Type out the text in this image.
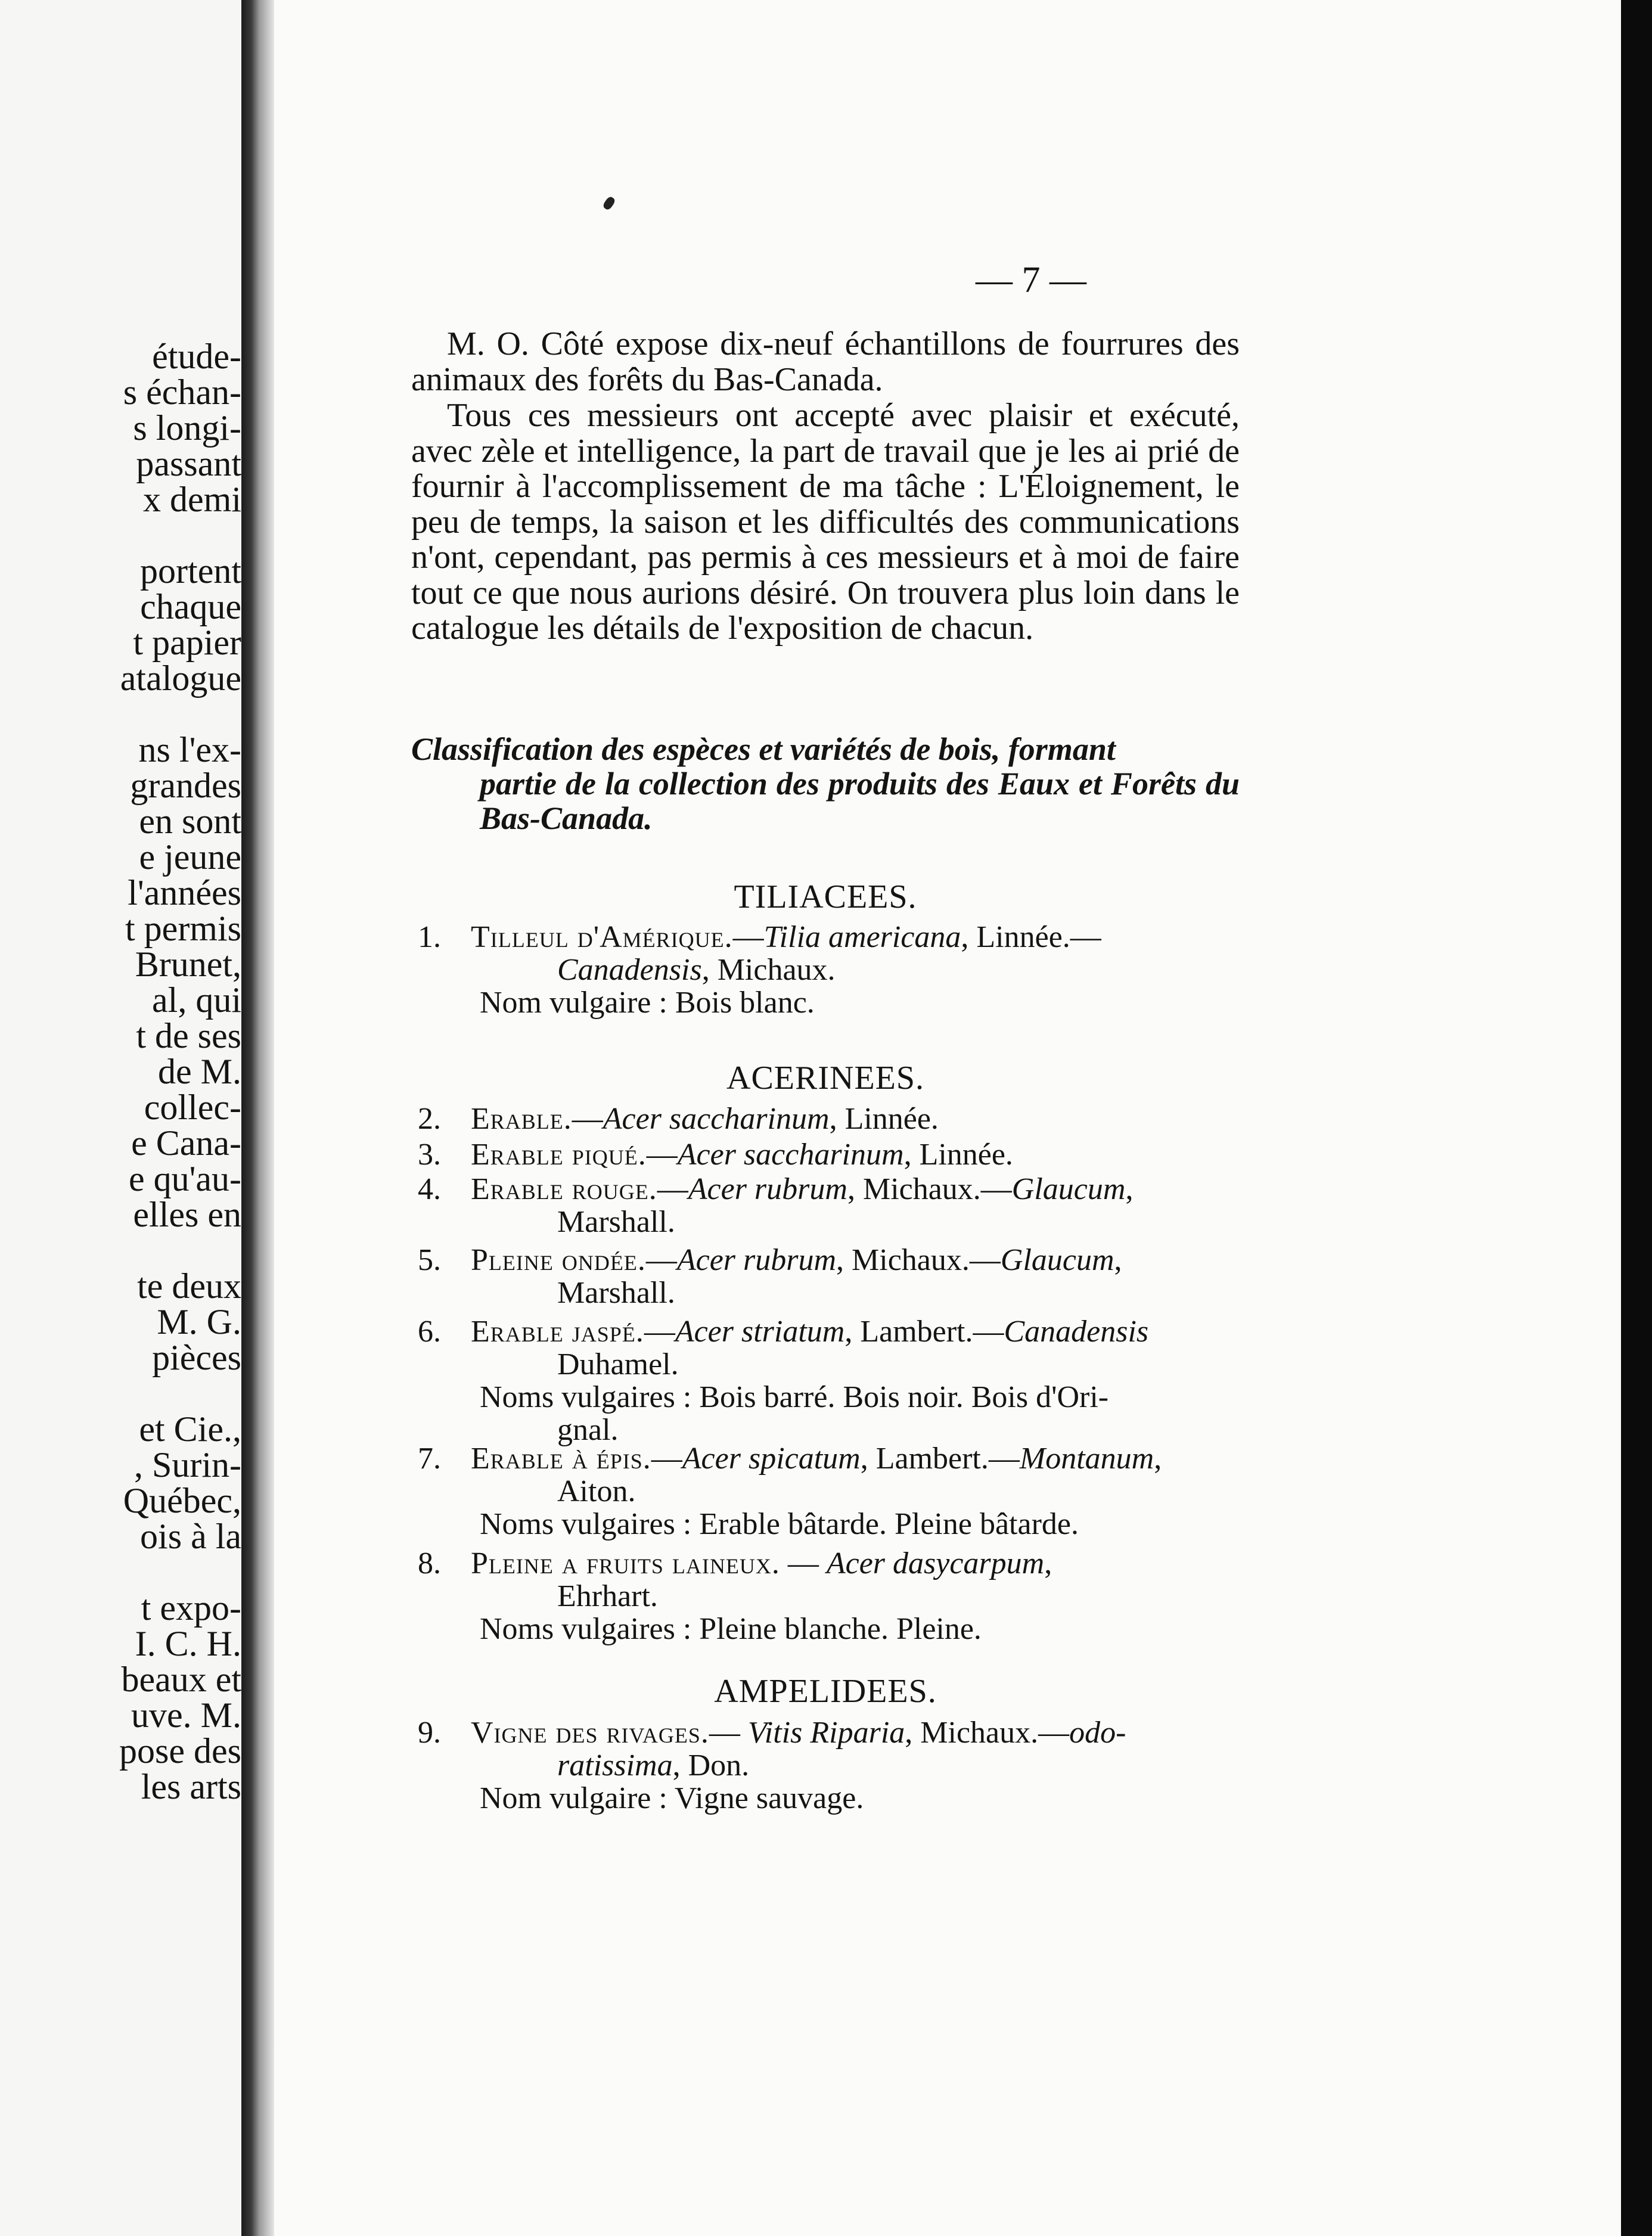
étude-
s échan-
s longi-
passant
x demi
portent
chaque
t papier
atalogue
ns l'ex-
grandes
en sont
e jeune
l'années
t permis
Brunet,
al, qui
t de ses
de M.
collec-
e Cana-
e qu'au-
elles en
te deux
M. G.
pièces
et Cie.,
, Surin-
Québec,
ois à la
t expo-
I. C. H.
beaux et
uve. M.
pose des
les arts
— 7 —

M. O. Côté expose dix-neuf échantillons de fourrures des animaux des forêts du Bas-Canada.

Tous ces messieurs ont accepté avec plaisir et exécuté, avec zèle et intelligence, la part de travail que je les ai prié de fournir à l'accomplissement de ma tâche : L'Éloignement, le peu de temps, la saison et les difficultés des communications n'ont, cependant, pas permis à ces messieurs et à moi de faire tout ce que nous aurions désiré. On trouvera plus loin dans le catalogue les détails de l'exposition de chacun.

Classification des espèces et variétés de bois, formant
partie de la collection des produits des Eaux et Forêts du Bas-Canada.
TILIACEES.
ACERINEES.
AMPELIDEES.
1. Tilleul d'Amérique.—Tilia americana, Linnée.—
Canadensis, Michaux.
Nom vulgaire : Bois blanc.
2. Erable.—Acer saccharinum, Linnée.
3. Erable piqué.—Acer saccharinum, Linnée.
4. Erable rouge.—Acer rubrum, Michaux.—Glaucum,
Marshall.
5. Pleine ondée.—Acer rubrum, Michaux.—Glaucum,
Marshall.
6. Erable jaspé.—Acer striatum, Lambert.—Canadensis
Duhamel.
Noms vulgaires : Bois barré. Bois noir. Bois d'Ori-
gnal.
7. Erable à épis.—Acer spicatum, Lambert.—Montanum,
Aiton.
Noms vulgaires : Erable bâtarde. Pleine bâtarde.
8. Pleine a fruits laineux. — Acer dasycarpum,
Ehrhart.
Noms vulgaires : Pleine blanche. Pleine.
9. Vigne des rivages.— Vitis Riparia, Michaux.—odo-
ratissima, Don.
Nom vulgaire : Vigne sauvage.
